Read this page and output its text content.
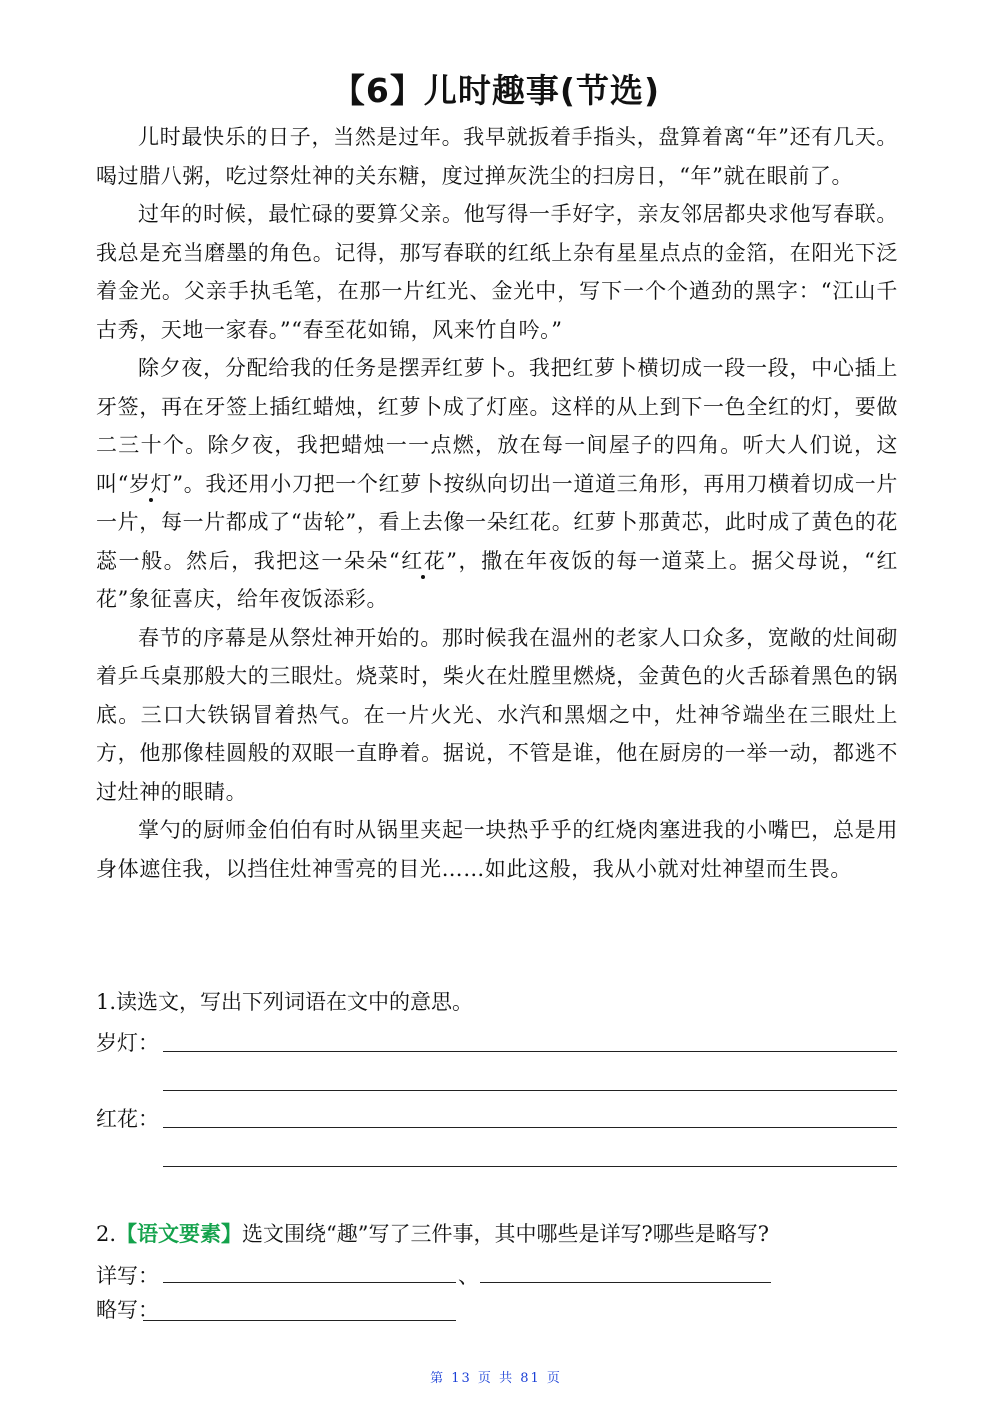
【6】儿时趣事(节选)

儿时最快乐的日子，当然是过年。我早就扳着手指头，盘算着离“年”还有几天。喝过腊八粥，吃过祭灶神的关东糖，度过掸灰洗尘的扫房日，“年”就在眼前了。

过年的时候，最忙碌的要算父亲。他写得一手好字，亲友邻居都央求他写春联。我总是充当磨墨的角色。记得，那写春联的红纸上杂有星星点点的金箔，在阳光下泛着金光。父亲手执毛笔，在那一片红光、金光中，写下一个个遒劲的黑字：“江山千古秀，天地一家春。”“春至花如锦，风来竹自吟。”

除夕夜，分配给我的任务是摆弄红萝卜。我把红萝卜横切成一段一段，中心插上牙签，再在牙签上插红蜡烛，红萝卜成了灯座。这样的从上到下一色全红的灯，要做二三十个。除夕夜，我把蜡烛一一点燃，放在每一间屋子的四角。听大人们说，这叫“岁灯”。我还用小刀把一个红萝卜按纵向切出一道道三角形，再用刀横着切成一片一片，每一片都成了“齿轮”，看上去像一朵红花。红萝卜那黄芯，此时成了黄色的花蕊一般。然后，我把这一朵朵“红花”，撒在年夜饭的每一道菜上。据父母说，“红花”象征喜庆，给年夜饭添彩。

春节的序幕是从祭灶神开始的。那时候我在温州的老家人口众多，宽敞的灶间砌着乒乓桌那般大的三眼灶。烧菜时，柴火在灶膛里燃烧，金黄色的火舌舔着黑色的锅底。三口大铁锅冒着热气。在一片火光、水汽和黑烟之中，灶神爷端坐在三眼灶上方，他那像桂圆般的双眼一直睁着。据说，不管是谁，他在厨房的一举一动，都逃不过灶神的眼睛。

掌勺的厨师金伯伯有时从锅里夹起一块热乎乎的红烧肉塞进我的小嘴巴，总是用身体遮住我，以挡住灶神雪亮的目光……如此这般，我从小就对灶神望而生畏。

1.读选文，写出下列词语在文中的意思。
岁灯：
红花：
2.【语文要素】选文围绕“趣”写了三件事，其中哪些是详写?哪些是略写?
详写：	、
略写：
第 13 页 共 81 页
